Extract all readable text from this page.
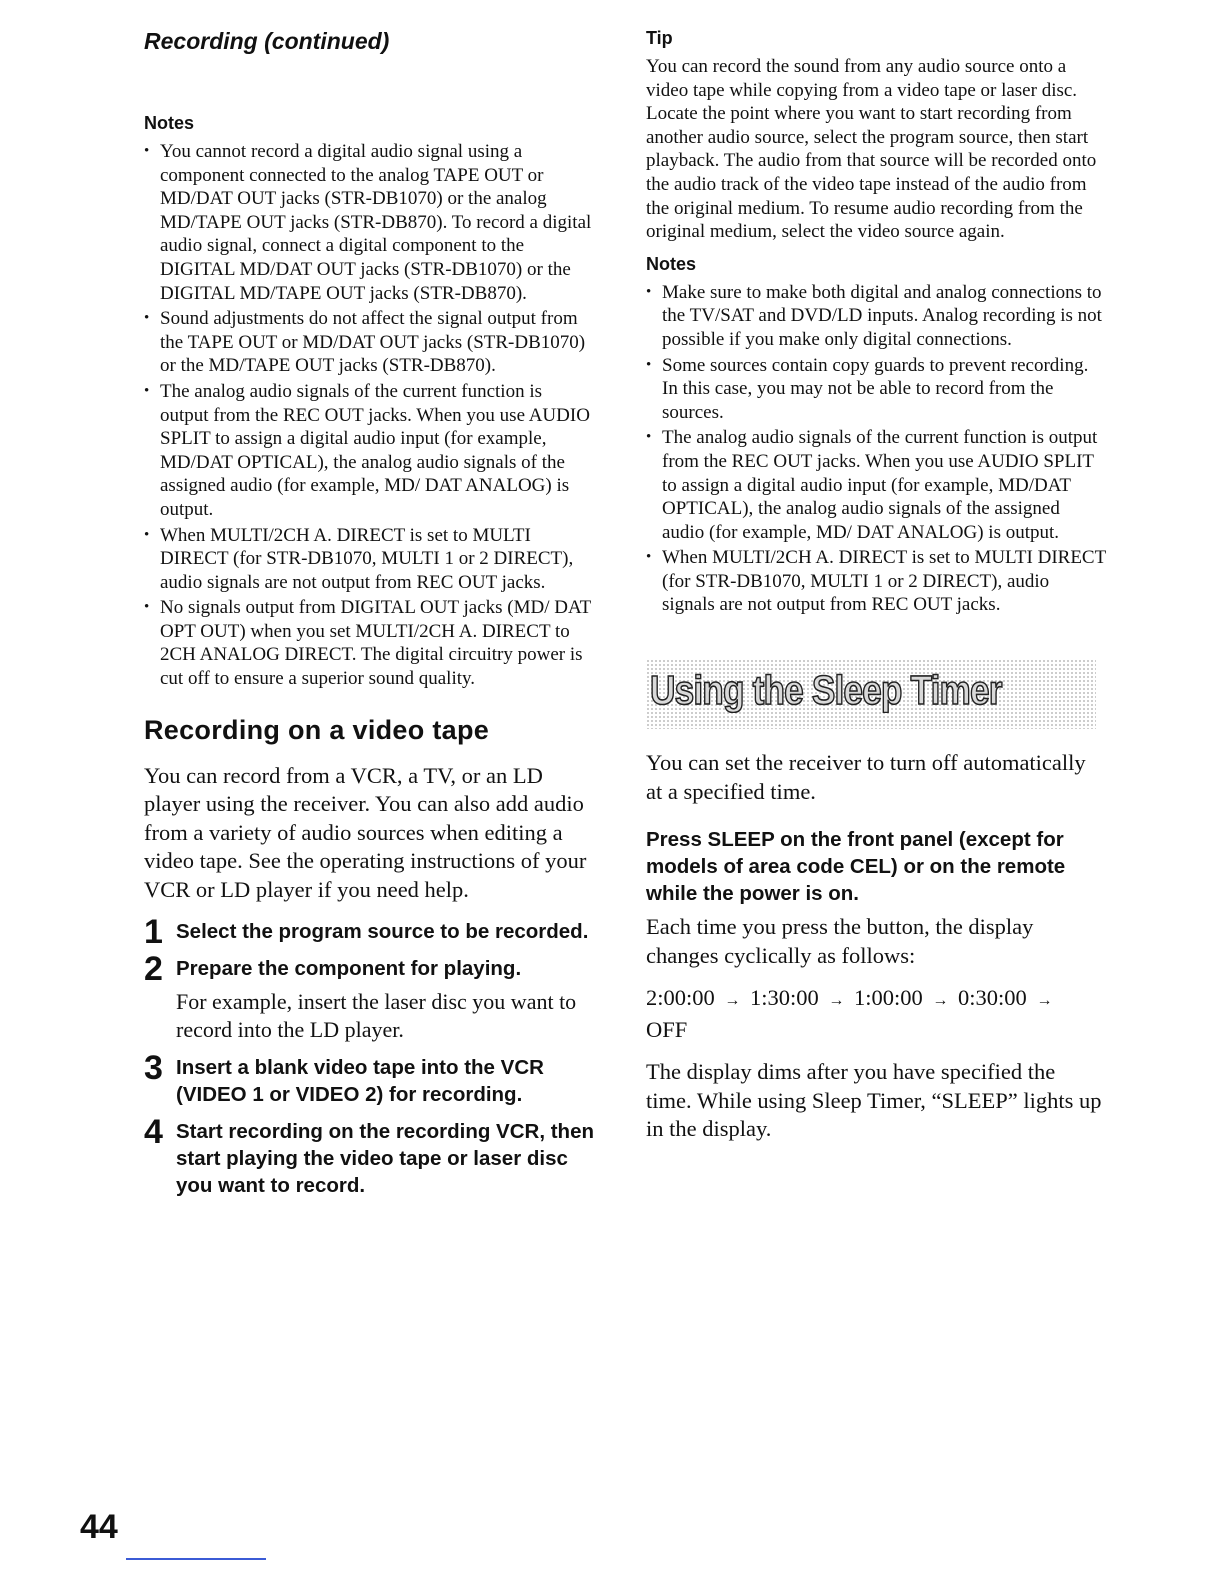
Recording (continued)
Notes
• You cannot record a digital audio signal using a component connected to the analog TAPE OUT or MD/DAT OUT jacks (STR-DB1070) or the analog MD/TAPE OUT jacks (STR-DB870). To record a digital audio signal, connect a digital component to the DIGITAL MD/DAT OUT jacks (STR-DB1070) or the DIGITAL MD/TAPE OUT jacks (STR-DB870).
• Sound adjustments do not affect the signal output from the TAPE OUT or MD/DAT OUT jacks (STR-DB1070) or the MD/TAPE OUT jacks (STR-DB870).
• The analog audio signals of the current function is output from the REC OUT jacks. When you use AUDIO SPLIT to assign a digital audio input (for example, MD/DAT OPTICAL), the analog audio signals of the assigned audio (for example, MD/ DAT ANALOG) is output.
• When MULTI/2CH A. DIRECT is set to MULTI DIRECT (for STR-DB1070, MULTI 1 or 2 DIRECT), audio signals are not output from REC OUT jacks.
• No signals output from DIGITAL OUT jacks (MD/ DAT OPT OUT) when you set MULTI/2CH A. DIRECT to 2CH ANALOG DIRECT. The digital circuitry power is cut off to ensure a superior sound quality.
Recording on a video tape

You can record from a VCR, a TV, or an LD player using the receiver. You can also add audio from a variety of audio sources when editing a video tape. See the operating instructions of your VCR or LD player if you need help.

1 Select the program source to be recorded.
2 Prepare the component for playing.
For example, insert the laser disc you want to record into the LD player.
3 Insert a blank video tape into the VCR (VIDEO 1 or VIDEO 2) for recording.
4 Start recording on the recording VCR, then start playing the video tape or laser disc you want to record.
Tip

You can record the sound from any audio source onto a video tape while copying from a video tape or laser disc. Locate the point where you want to start recording from another audio source, select the program source, then start playback. The audio from that source will be recorded onto the audio track of the video tape instead of the audio from the original medium. To resume audio recording from the original medium, select the video source again.

Notes
• Make sure to make both digital and analog connections to the TV/SAT and DVD/LD inputs. Analog recording is not possible if you make only digital connections.
• Some sources contain copy guards to prevent recording. In this case, you may not be able to record from the sources.
• The analog audio signals of the current function is output from the REC OUT jacks. When you use AUDIO SPLIT to assign a digital audio input (for example, MD/DAT OPTICAL), the analog audio signals of the assigned audio (for example, MD/ DAT ANALOG) is output.
• When MULTI/2CH A. DIRECT is set to MULTI DIRECT (for STR-DB1070, MULTI 1 or 2 DIRECT), audio signals are not output from REC OUT jacks.
Using the Sleep Timer

You can set the receiver to turn off automatically at a specified time.

Press SLEEP on the front panel (except for models of area code CEL) or on the remote while the power is on.

Each time you press the button, the display changes cyclically as follows:

2:00:00 → 1:30:00 → 1:00:00 → 0:30:00 →
OFF

The display dims after you have specified the time. While using Sleep Timer, “SLEEP” lights up in the display.

44
